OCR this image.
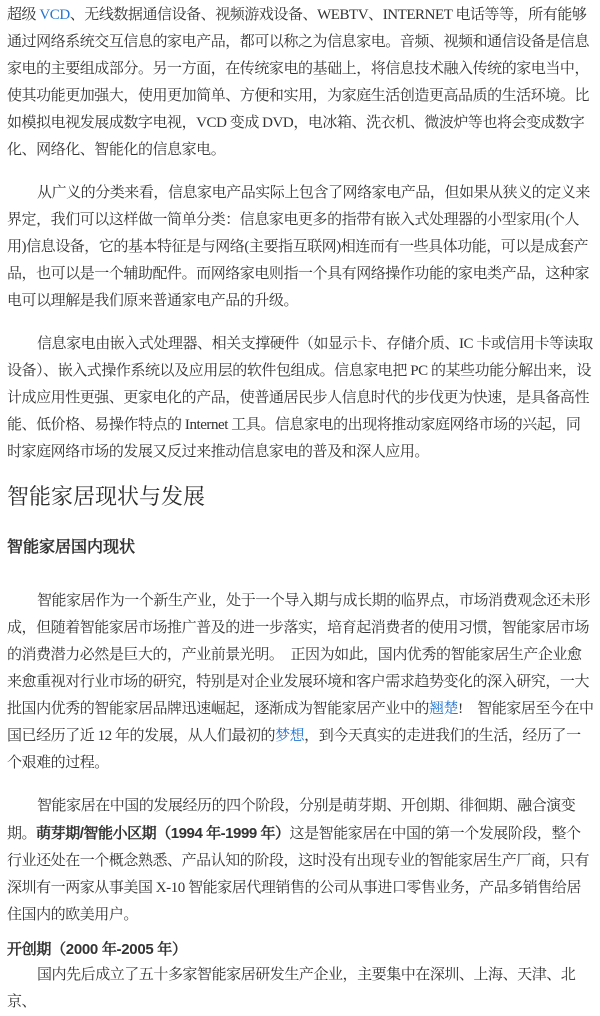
超级 VCD、无线数据通信设备、视频游戏设备、WEBTV、INTERNET 电话等等，所有能够通过网络系统交互信息的家电产品，都可以称之为信息家电。音频、视频和通信设备是信息家电的主要组成部分。另一方面，在传统家电的基础上，将信息技术融入传统的家电当中，使其功能更加强大，使用更加简单、方便和实用，为家庭生活创造更高品质的生活环境。比如模拟电视发展成数字电视，VCD 变成 DVD，电冰箱、洗衣机、微波炉等也将会变成数字化、网络化、智能化的信息家电。

从广义的分类来看，信息家电产品实际上包含了网络家电产品，但如果从狭义的定义来界定，我们可以这样做一简单分类：信息家电更多的指带有嵌入式处理器的小型家用(个人用)信息设备，它的基本特征是与网络(主要指互联网)相连而有一些具体功能，可以是成套产品，也可以是一个辅助配件。而网络家电则指一个具有网络操作功能的家电类产品，这种家电可以理解是我们原来普通家电产品的升级。

信息家电由嵌入式处理器、相关支撑硬件（如显示卡、存储介质、IC 卡或信用卡等读取设备）、嵌入式操作系统以及应用层的软件包组成。信息家电把 PC 的某些功能分解出来，设计成应用性更强、更家电化的产品，使普通居民步人信息时代的步伐更为快速，是具备高性能、低价格、易操作特点的 Internet 工具。信息家电的出现将推动家庭网络市场的兴起，同时家庭网络市场的发展又反过来推动信息家电的普及和深人应用。

智能家居现状与发展
智能家居国内现状

智能家居作为一个新生产业，处于一个导入期与成长期的临界点，市场消费观念还未形成，但随着智能家居市场推广普及的进一步落实，培育起消费者的使用习惯，智能家居市场的消费潜力必然是巨大的，产业前景光明。　正因为如此，国内优秀的智能家居生产企业愈来愈重视对行业市场的研究，特别是对企业发展环境和客户需求趋势变化的深入研究，一大批国内优秀的智能家居品牌迅速崛起，逐渐成为智能家居产业中的翘楚!　智能家居至今在中国已经历了近 12 年的发展，从人们最初的梦想，到今天真实的走进我们的生活，经历了一个艰难的过程。

智能家居在中国的发展经历的四个阶段，分别是萌芽期、开创期、徘徊期、融合演变期。萌芽期/智能小区期（1994 年-1999 年）这是智能家居在中国的第一个发展阶段，整个行业还处在一个概念熟悉、产品认知的阶段，这时没有出现专业的智能家居生产厂商，只有深圳有一两家从事美国 X-10 智能家居代理销售的公司从事进口零售业务，产品多销售给居住国内的欧美用户。

开创期（2000 年-2005 年）

国内先后成立了五十多家智能家居研发生产企业，主要集中在深圳、上海、天津、北京、
